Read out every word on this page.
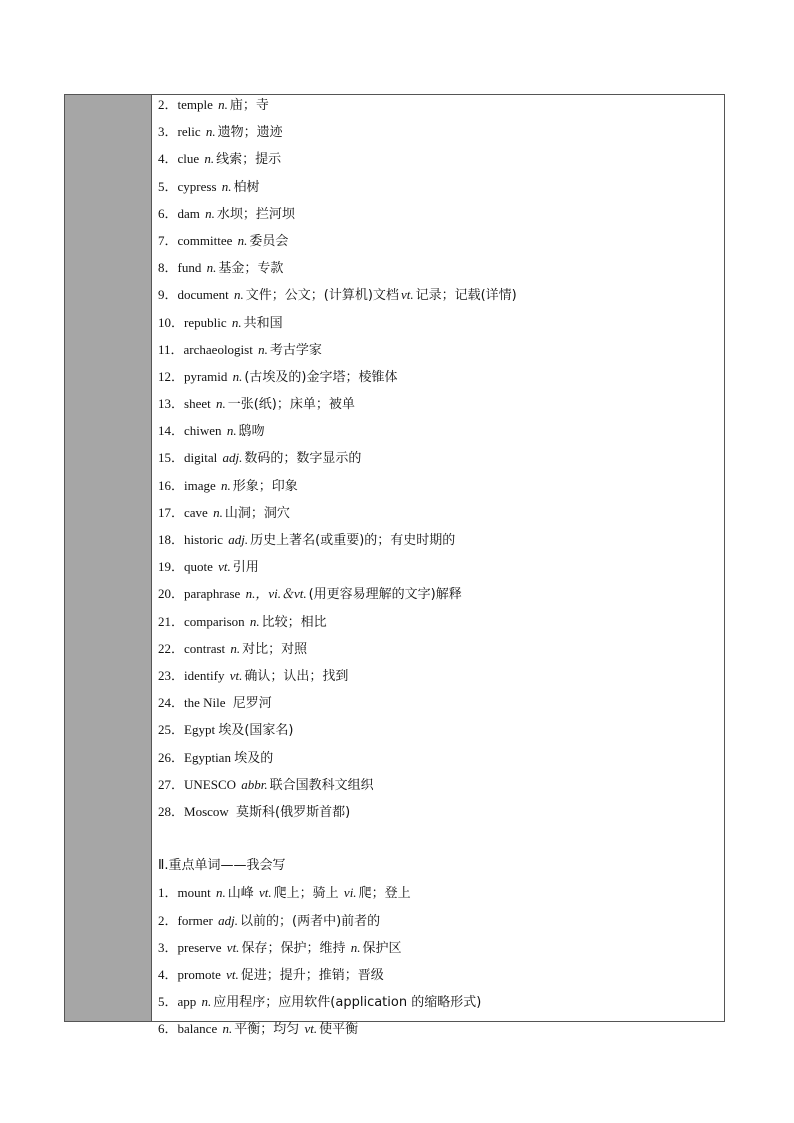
2．temple n. 庙；寺
3．relic n. 遗物；遗迹
4．clue n. 线索；提示
5．cypress n. 柏树
6．dam n. 水坝；拦河坝
7．committee n. 委员会
8．fund n. 基金；专款
9．document n. 文件；公文；(计算机)文档 vt. 记录；记载(详情)
10．republic n. 共和国
11．archaeologist n. 考古学家
12．pyramid n. (古埃及的)金字塔；棱锥体
13．sheet n. 一张(纸)；床单；被单
14．chiwen n. 鸱吻
15．digital adj. 数码的；数字显示的
16．image n. 形象；印象
17．cave n. 山洞；洞穴
18．historic adj. 历史上著名(或重要)的；有史时期的
19．quote vt. 引用
20．paraphrase n.，vi.＆vt. (用更容易理解的文字)解释
21．comparison n. 比较；相比
22．contrast n. 对比；对照
23．identify vt. 确认；认出；找到
24．the Nile 尼罗河
25．Egypt 埃及(国家名)
26．Egyptian 埃及的
27．UNESCO abbr. 联合国教科文组织
28．Moscow 莫斯科(俄罗斯首都)
Ⅱ.重点单词——我会写
1．mount n. 山峰 vt. 爬上；骑上 vi. 爬；登上
2．former adj. 以前的；(两者中)前者的
3．preserve vt. 保存；保护；维持 n. 保护区
4．promote vt. 促进；提升；推销；晋级
5．app n. 应用程序；应用软件(application 的缩略形式)
6．balance n. 平衡；均匀 vt. 使平衡
